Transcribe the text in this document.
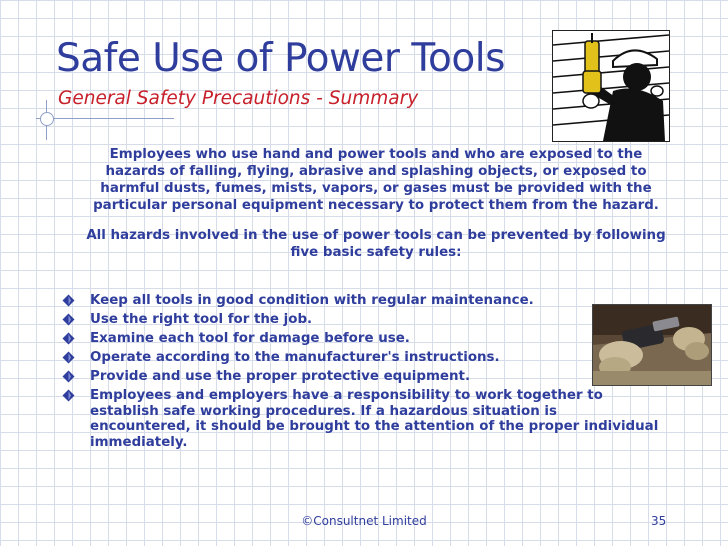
Safe Use of Power Tools
General Safety Precautions - Summary

Employees who use hand and power tools and who are exposed to the hazards of falling, flying, abrasive and splashing objects, or exposed to harmful dusts, fumes, mists, vapors, or gases must be provided with the particular personal equipment necessary to protect them from the hazard.

All hazards involved in the use of power tools can be prevented by following five basic safety rules:

Keep all tools in good condition with regular maintenance.
Use the right tool for the job.
Examine each tool for damage before use.
Operate according to the manufacturer's instructions.
Provide and use the proper protective equipment.
Employees and employers have a responsibility to work together to establish safe working procedures. If a hazardous situation is encountered, it should be brought to the attention of the proper individual immediately.
©Consultnet Limited	35
